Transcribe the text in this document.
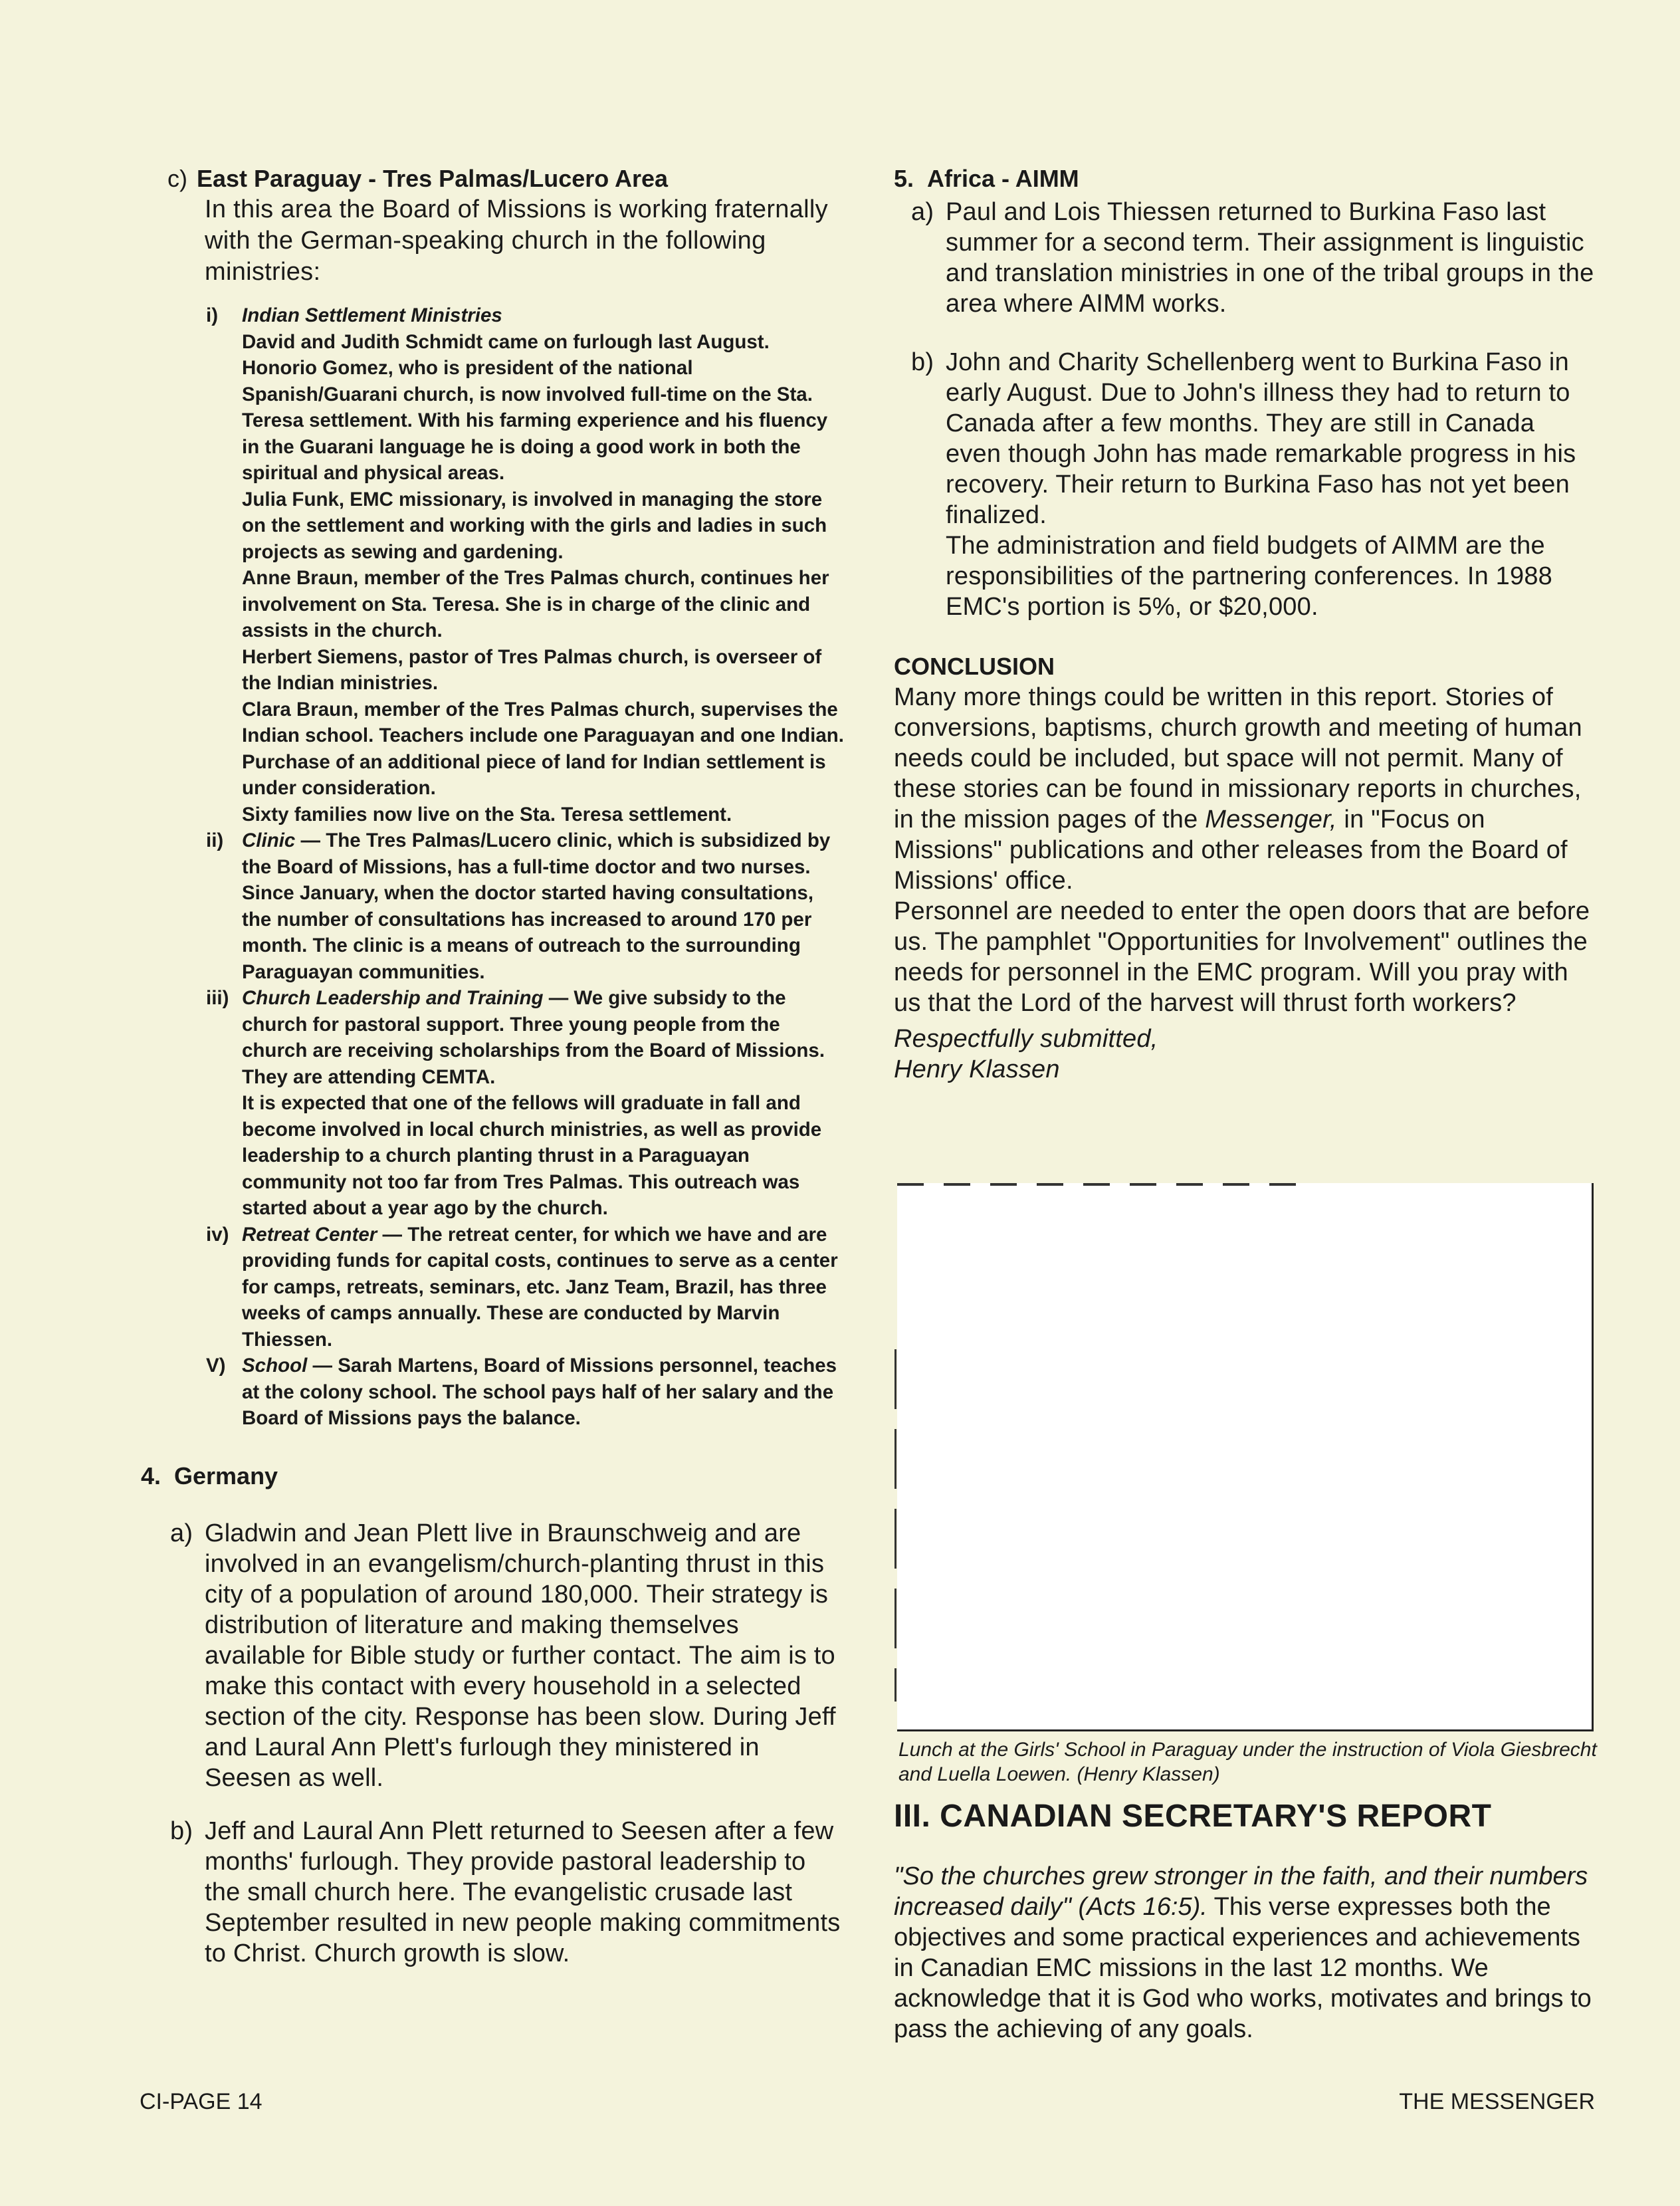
c) East Paraguay - Tres Palmas/Lucero Area
In this area the Board of Missions is working fraternally with the German-speaking church in the following ministries:
i) Indian Settlement Ministries
David and Judith Schmidt came on furlough last August. Honorio Gomez, who is president of the national Spanish/Guarani church, is now involved full-time on the Sta. Teresa settlement. With his farming experience and his fluency in the Guarani language he is doing a good work in both the spiritual and physical areas.
Julia Funk, EMC missionary, is involved in managing the store on the settlement and working with the girls and ladies in such projects as sewing and gardening.
Anne Braun, member of the Tres Palmas church, continues her involvement on Sta. Teresa. She is in charge of the clinic and assists in the church.
Herbert Siemens, pastor of Tres Palmas church, is overseer of the Indian ministries.
Clara Braun, member of the Tres Palmas church, supervises the Indian school. Teachers include one Paraguayan and one Indian.
Purchase of an additional piece of land for Indian settlement is under consideration.
Sixty families now live on the Sta. Teresa settlement.
ii) Clinic — The Tres Palmas/Lucero clinic, which is subsidized by the Board of Missions, has a full-time doctor and two nurses. Since January, when the doctor started having consultations, the number of consultations has increased to around 170 per month. The clinic is a means of outreach to the surrounding Paraguayan communities.
iii) Church Leadership and Training — We give subsidy to the church for pastoral support. Three young people from the church are receiving scholarships from the Board of Missions. They are attending CEMTA.
It is expected that one of the fellows will graduate in fall and become involved in local church ministries, as well as provide leadership to a church planting thrust in a Paraguayan community not too far from Tres Palmas. This outreach was started about a year ago by the church.
iv) Retreat Center — The retreat center, for which we have and are providing funds for capital costs, continues to serve as a center for camps, retreats, seminars, etc. Janz Team, Brazil, has three weeks of camps annually. These are conducted by Marvin Thiessen.
V) School — Sarah Martens, Board of Missions personnel, teaches at the colony school. The school pays half of her salary and the Board of Missions pays the balance.
4. Germany
a) Gladwin and Jean Plett live in Braunschweig and are involved in an evangelism/church-planting thrust in this city of a population of around 180,000. Their strategy is distribution of literature and making themselves available for Bible study or further contact. The aim is to make this contact with every household in a selected section of the city. Response has been slow. During Jeff and Laural Ann Plett's furlough they ministered in Seesen as well.
b) Jeff and Laural Ann Plett returned to Seesen after a few months' furlough. They provide pastoral leadership to the small church here. The evangelistic crusade last September resulted in new people making commitments to Christ. Church growth is slow.
5. Africa - AIMM
a) Paul and Lois Thiessen returned to Burkina Faso last summer for a second term. Their assignment is linguistic and translation ministries in one of the tribal groups in the area where AIMM works.
b) John and Charity Schellenberg went to Burkina Faso in early August. Due to John's illness they had to return to Canada after a few months. They are still in Canada even though John has made remarkable progress in his recovery. Their return to Burkina Faso has not yet been finalized.
The administration and field budgets of AIMM are the responsibilities of the partnering conferences. In 1988 EMC's portion is 5%, or $20,000.
CONCLUSION
Many more things could be written in this report. Stories of conversions, baptisms, church growth and meeting of human needs could be included, but space will not permit. Many of these stories can be found in missionary reports in churches, in the mission pages of the Messenger, in "Focus on Missions" publications and other releases from the Board of Missions' office.
Personnel are needed to enter the open doors that are before us. The pamphlet "Opportunities for Involvement" outlines the needs for personnel in the EMC program. Will you pray with us that the Lord of the harvest will thrust forth workers?
Respectfully submitted,
Henry Klassen
Lunch at the Girls' School in Paraguay under the instruction of Viola Giesbrecht and Luella Loewen. (Henry Klassen)
III. CANADIAN SECRETARY'S REPORT
"So the churches grew stronger in the faith, and their numbers increased daily" (Acts 16:5). This verse expresses both the objectives and some practical experiences and achievements in Canadian EMC missions in the last 12 months. We acknowledge that it is God who works, motivates and brings to pass the achieving of any goals.
CI-PAGE 14	THE MESSENGER
